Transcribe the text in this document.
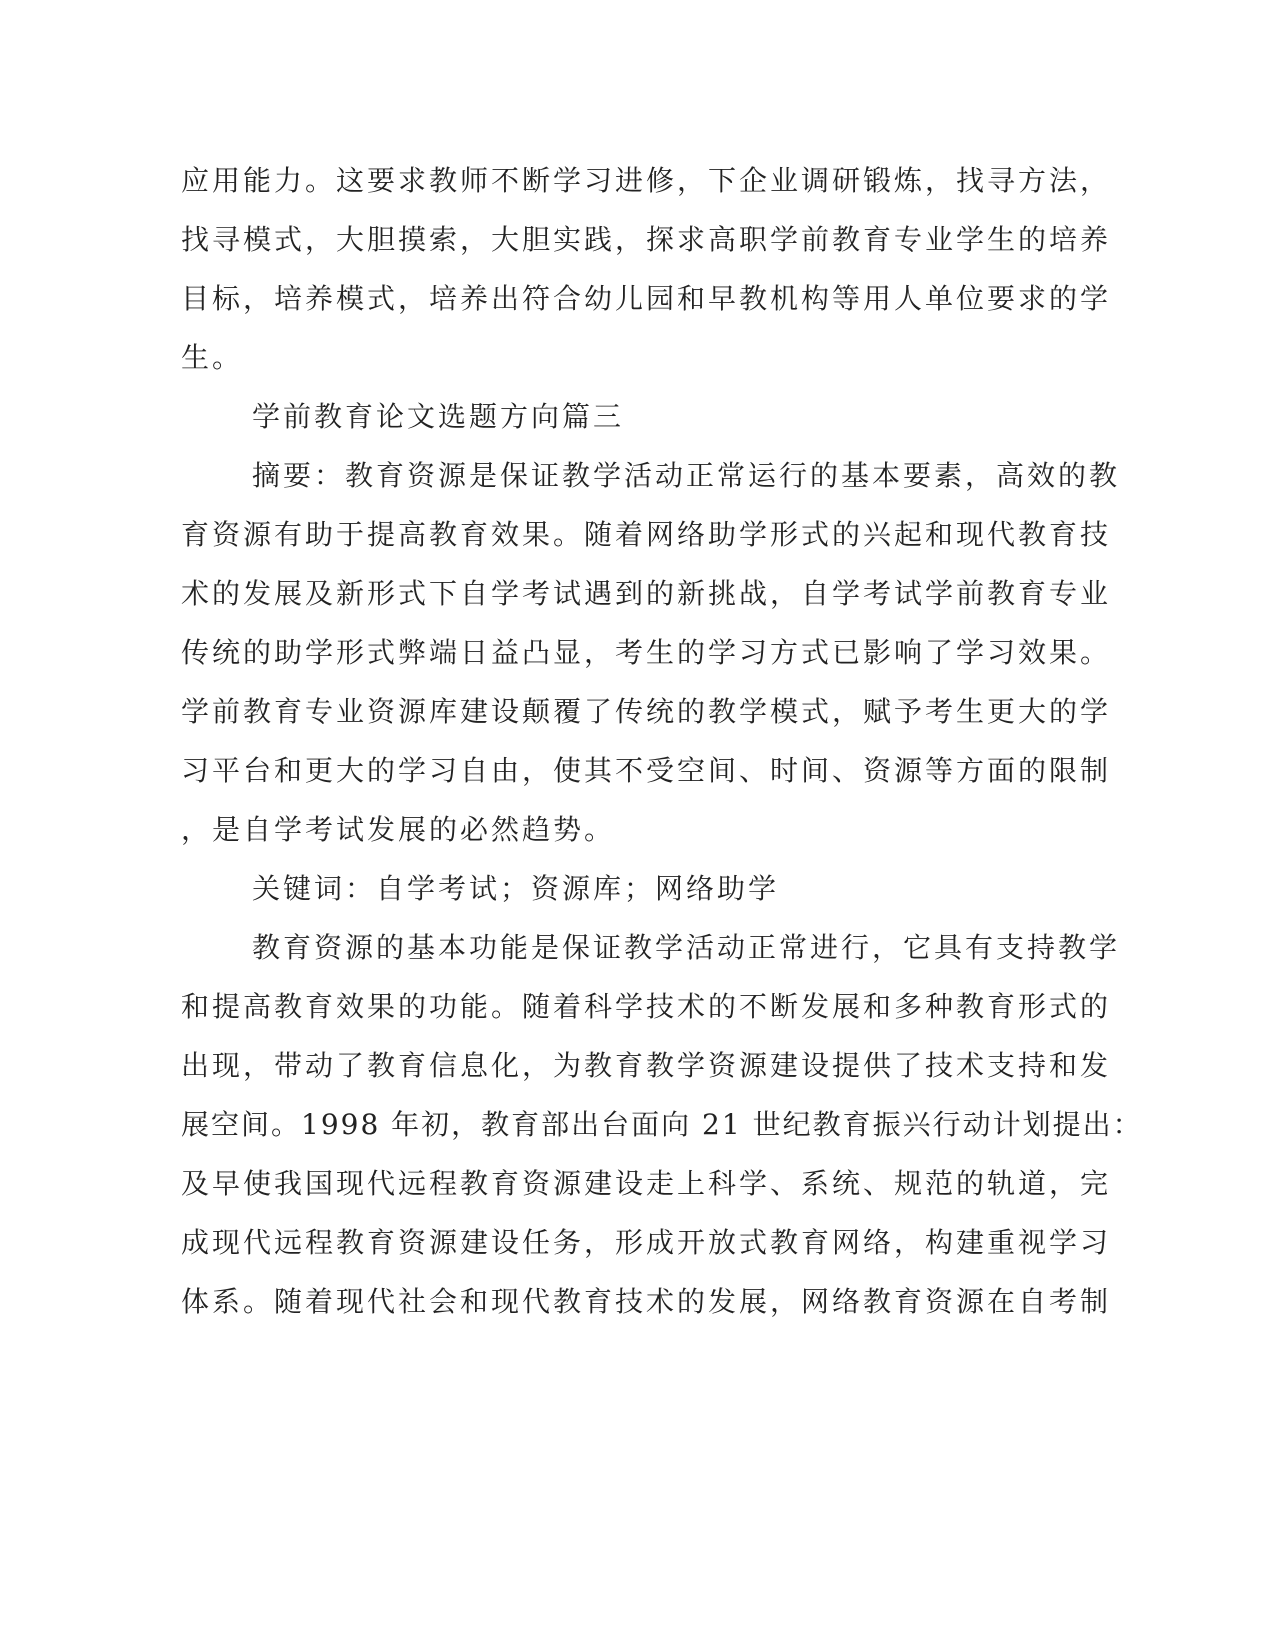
应用能力。这要求教师不断学习进修，下企业调研锻炼，找寻方法，
找寻模式，大胆摸索，大胆实践，探求高职学前教育专业学生的培养
目标，培养模式，培养出符合幼儿园和早教机构等用人单位要求的学
生。
学前教育论文选题方向篇三
摘要：教育资源是保证教学活动正常运行的基本要素，高效的教
育资源有助于提高教育效果。随着网络助学形式的兴起和现代教育技
术的发展及新形式下自学考试遇到的新挑战，自学考试学前教育专业
传统的助学形式弊端日益凸显，考生的学习方式已影响了学习效果。
学前教育专业资源库建设颠覆了传统的教学模式，赋予考生更大的学
习平台和更大的学习自由，使其不受空间、时间、资源等方面的限制
，是自学考试发展的必然趋势。
关键词：自学考试；资源库；网络助学
教育资源的基本功能是保证教学活动正常进行，它具有支持教学
和提高教育效果的功能。随着科学技术的不断发展和多种教育形式的
出现，带动了教育信息化，为教育教学资源建设提供了技术支持和发
展空间。1998 年初，教育部出台面向 21 世纪教育振兴行动计划提出：
及早使我国现代远程教育资源建设走上科学、系统、规范的轨道，完
成现代远程教育资源建设任务，形成开放式教育网络，构建重视学习
体系。随着现代社会和现代教育技术的发展，网络教育资源在自考制
